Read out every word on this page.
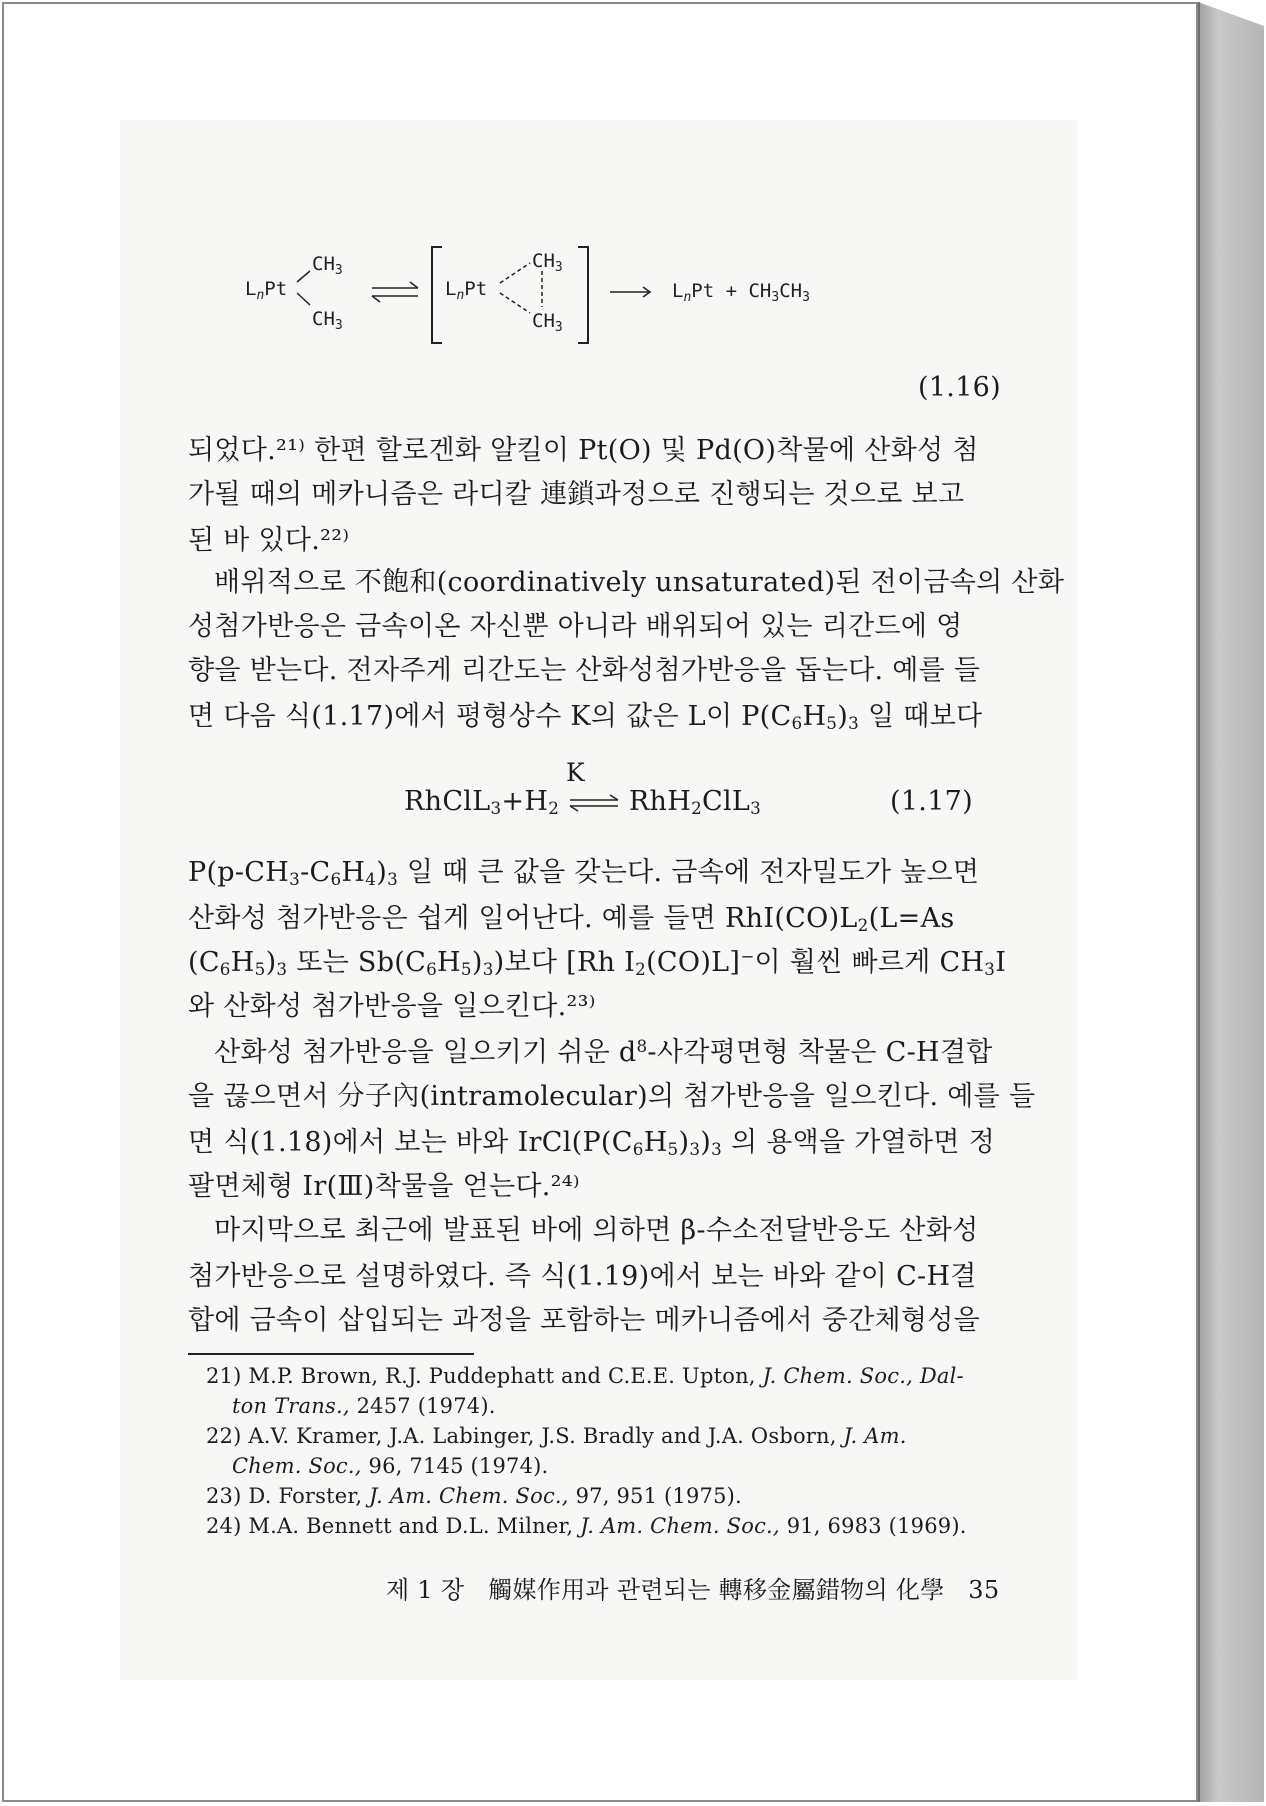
$L_nPt$
$CH_3$
$CH_3$
$L_nPt$
$CH_3$
$CH_3$
$L_nPt + CH_3CH_3$
(1.16)
되었다.²¹⁾ 한편 할로겐화 알킬이 Pt(O) 및 Pd(O)착물에 산화성 첨
가될 때의 메카니즘은 라디칼 連鎖과정으로 진행되는 것으로 보고
된 바 있다.²²⁾
배위적으로 不飽和(coordinatively unsaturated)된 전이금속의 산화
성첨가반응은 금속이온 자신뿐 아니라 배위되어 있는 리간드에 영
향을 받는다. 전자주게 리간도는 산화성첨가반응을 돕는다. 예를 들
면 다음 식(1.17)에서 평형상수 K의 값은 L이 $P(C_6H_5)_3$ 일 때보다
K
$RhClL_3+H_2$ ⇌ RhH$_2$ClL$_3$	(1.17)
$P(p-CH_3-C_6H_4)_3$ 일 때 큰 값을 갖는다. 금속에 전자밀도가 높으면
산화성 첨가반응은 쉽게 일어난다. 예를 들면 $RhI(CO)L_2(L=As$
$(C_6H_5)_3$ 또는 $Sb(C_6H_5)_3$)보다 [Rh $I_2(CO)L]^-$이 훨씬 빠르게 $CH_3I$
와 산화성 첨가반응을 일으킨다.²³⁾
산화성 첨가반응을 일으키기 쉬운 $d^8-$사각평면형 착물은 C-H결합
을 끊으면서 分子內(intramolecular)의 첨가반응을 일으킨다. 예를 들
면 식(1.18)에서 보는 바와 $IrCl(P(C_6H_5)_3)_3$ 의 용액을 가열하면 정
팔면체형 Ir(Ⅲ)착물을 얻는다.²⁴⁾
마지막으로 최근에 발표된 바에 의하면 β-수소전달반응도 산화성
첨가반응으로 설명하였다. 즉 식(1.19)에서 보는 바와 같이 C-H결
합에 금속이 삽입되는 과정을 포함하는 메카니즘에서 중간체형성을
21) M.P. Brown, R.J. Puddephatt and C.E.E. Upton, J. Chem. Soc., Dal-
ton Trans., 2457 (1974).
22) A.V. Kramer, J.A. Labinger, J.S. Bradly and J.A. Osborn, J. Am.
Chem. Soc., 96, 7145 (1974).
23) D. Forster, J. Am. Chem. Soc., 97, 951 (1975).
24) M.A. Bennett and D.L. Milner, J. Am. Chem. Soc., 91, 6983 (1969).
제 1 장 觸媒作用과 관련되는 轉移金屬錯物의 化學 35
